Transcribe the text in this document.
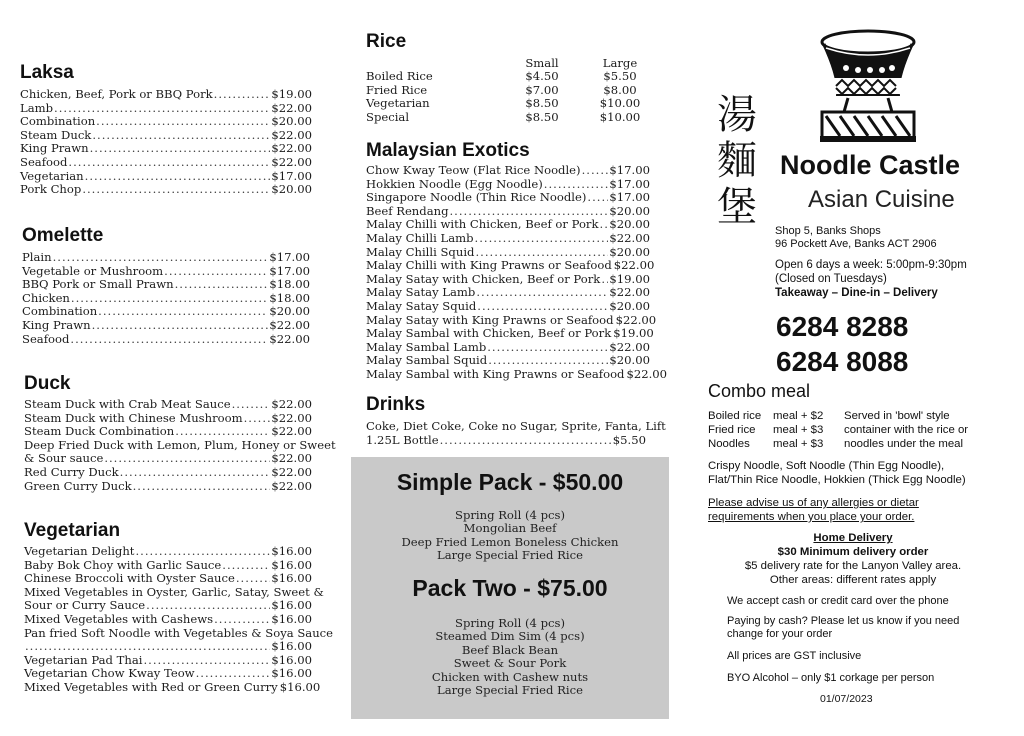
Laksa
Chicken, Beef, Pork or BBQ Pork .....	$19.00
Lamb .....	$22.00
Combination .....	$20.00
Steam Duck .....	$22.00
King Prawn .....	$22.00
Seafood .....	$22.00
Vegetarian .....	$17.00
Pork Chop .....	$20.00
Omelette
Plain .....	$17.00
Vegetable or Mushroom .....	$17.00
BBQ Pork or Small Prawn .....	$18.00
Chicken .....	$18.00
Combination .....	$20.00
King Prawn .....	$22.00
Seafood .....	$22.00
Duck
Steam Duck with Crab Meat Sauce .....	$22.00
Steam Duck with Chinese Mushroom ..... $22.00
Steam Duck Combination .....	$22.00
Deep Fried Duck with Lemon, Plum, Honey or Sweet
& Sour sauce .....	$22.00
Red Curry Duck .....	$22.00
Green Curry Duck .....	$22.00
Vegetarian
Vegetarian Delight .....	$16.00
Baby Bok Choy with Garlic Sauce .....	$16.00
Chinese Broccoli with Oyster Sauce .....	$16.00
Mixed Vegetables in Oyster, Garlic, Satay, Sweet &
Sour or Curry Sauce .....	$16.00
Mixed Vegetables with Cashews .....	$16.00
Pan fried Soft Noodle with Vegetables & Soya Sauce
.....
$16.00
Vegetarian Pad Thai .....	$16.00
Vegetarian Chow Kway Teow .....	$16.00
Mixed Vegetables with Red or Green Curry $16.00
Rice
	Small	Large
Boiled Rice	$4.50	$5.50
Fried Rice	$7.00	$8.00
Vegetarian	$8.50	$10.00
Special	$8.50	$10.00
Malaysian Exotics
Chow Kway Teow (Flat Rice Noodle) ..... $17.00
Hokkien Noodle (Egg Noodle) .....	$17.00
Singapore Noodle (Thin Rice Noodle) ..... $17.00
Beef Rendang .....	$20.00
Malay Chilli with Chicken, Beef or Pork ..... $20.00
Malay Chilli Lamb .....	$22.00
Malay Chilli Squid .....	$20.00
Malay Chilli with King Prawns or Seafood $22.00
Malay Satay with Chicken, Beef or Pork ..... $19.00
Malay Satay Lamb .....	$22.00
Malay Satay Squid .....	$20.00
Malay Satay with King Prawns or Seafood $22.00
Malay Sambal with Chicken, Beef or Pork $19.00
Malay Sambal Lamb .....	$22.00
Malay Sambal Squid .....	$20.00
Malay Sambal with King Prawns or Seafood $22.00
Drinks
Coke, Diet Coke, Coke no Sugar, Sprite, Fanta, Lift
1.25L Bottle .....	$5.50
Simple Pack - $50.00
Spring Roll (4 pcs)
Mongolian Beef
Deep Fried Lemon Boneless Chicken
Large Special Fried Rice
Pack Two - $75.00
Spring Roll (4 pcs)
Steamed Dim Sim (4 pcs)
Beef Black Bean
Sweet & Sour Pork
Chicken with Cashew nuts
Large Special Fried Rice
湯
麵
堡
Noodle Castle
Asian Cuisine
Shop 5, Banks Shops
96 Pockett Ave, Banks ACT 2906
Open 6 days a week: 5:00pm-9:30pm
(Closed on Tuesdays)
Takeaway – Dine-in – Delivery
6284 8288
6284 8088
Combo meal
Boiled rice	meal + $2
Fried rice	meal + $3
Noodles	meal + $3
Served in 'bowl' style
container with the rice or
noodles under the meal
Crispy Noodle, Soft Noodle (Thin Egg Noodle),
Flat/Thin Rice Noodle, Hokkien (Thick Egg Noodle)
Please advise us of any allergies or dietar
requirements when you place your order.
Home Delivery
$30 Minimum delivery order
$5 delivery rate for the Lanyon Valley area.
Other areas: different rates apply
We accept cash or credit card over the phone
Paying by cash? Please let us know if you need
change for your order
All prices are GST inclusive
BYO Alcohol – only $1 corkage per person
01/07/2023
